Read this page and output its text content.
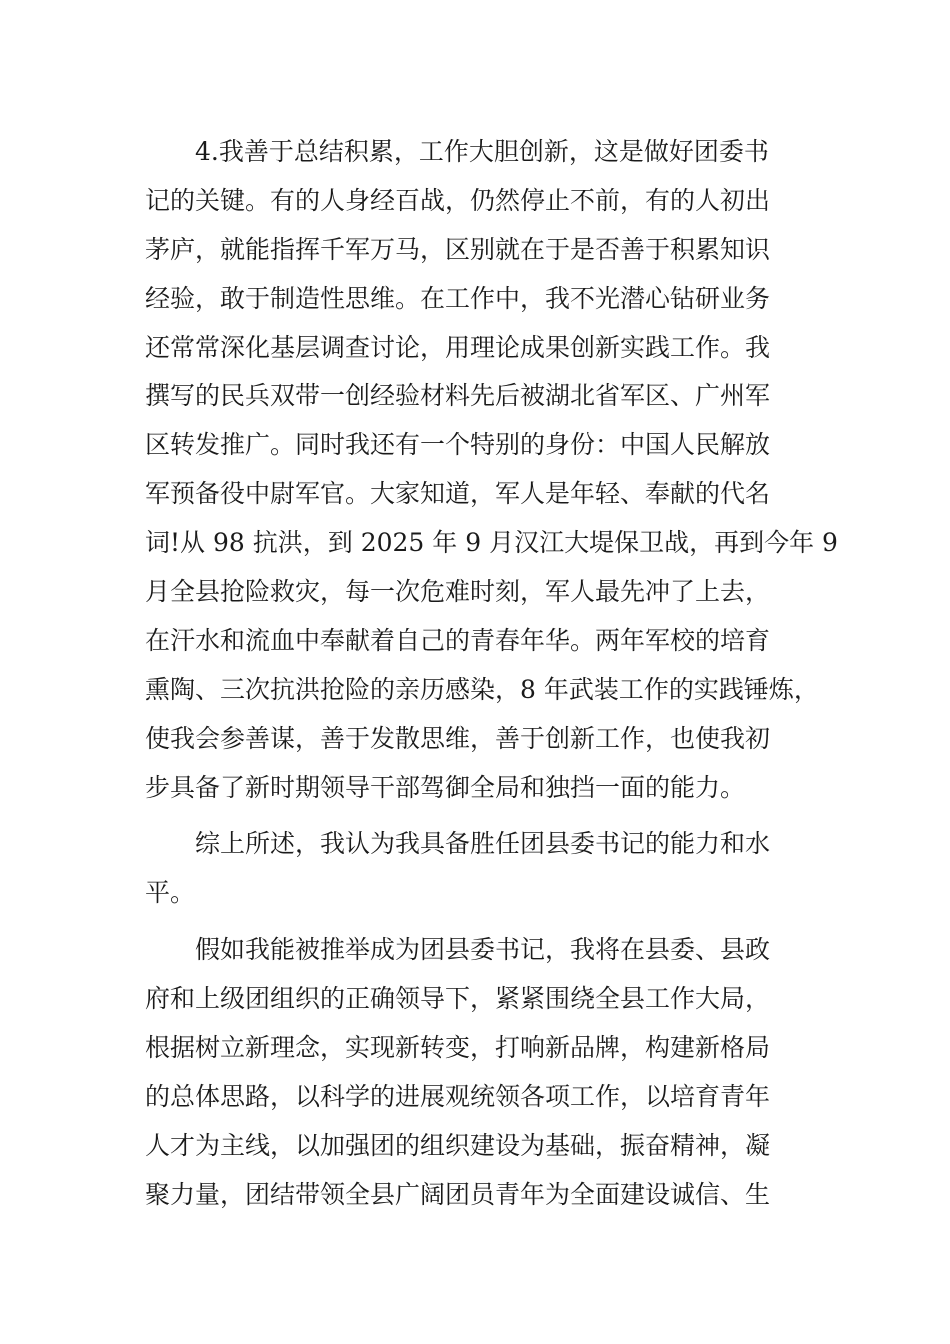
4.我善于总结积累，工作大胆创新，这是做好团委书
记的关键。有的人身经百战，仍然停止不前，有的人初出
茅庐，就能指挥千军万马，区别就在于是否善于积累知识
经验，敢于制造性思维。在工作中，我不光潜心钻研业务
还常常深化基层调查讨论，用理论成果创新实践工作。我
撰写的民兵双带一创经验材料先后被湖北省军区、广州军
区转发推广。同时我还有一个特别的身份：中国人民解放
军预备役中尉军官。大家知道，军人是年轻、奉献的代名
词!从 98 抗洪，到 2025 年 9 月汉江大堤保卫战，再到今年 9
月全县抢险救灾，每一次危难时刻，军人最先冲了上去，
在汗水和流血中奉献着自己的青春年华。两年军校的培育
熏陶、三次抗洪抢险的亲历感染，8 年武装工作的实践锤炼，
使我会参善谋，善于发散思维，善于创新工作，也使我初
步具备了新时期领导干部驾御全局和独挡一面的能力。
综上所述，我认为我具备胜任团县委书记的能力和水
平。
假如我能被推举成为团县委书记，我将在县委、县政
府和上级团组织的正确领导下，紧紧围绕全县工作大局，
根据树立新理念，实现新转变，打响新品牌，构建新格局
的总体思路，以科学的进展观统领各项工作，以培育青年
人才为主线，以加强团的组织建设为基础，振奋精神，凝
聚力量，团结带领全县广阔团员青年为全面建设诚信、生
